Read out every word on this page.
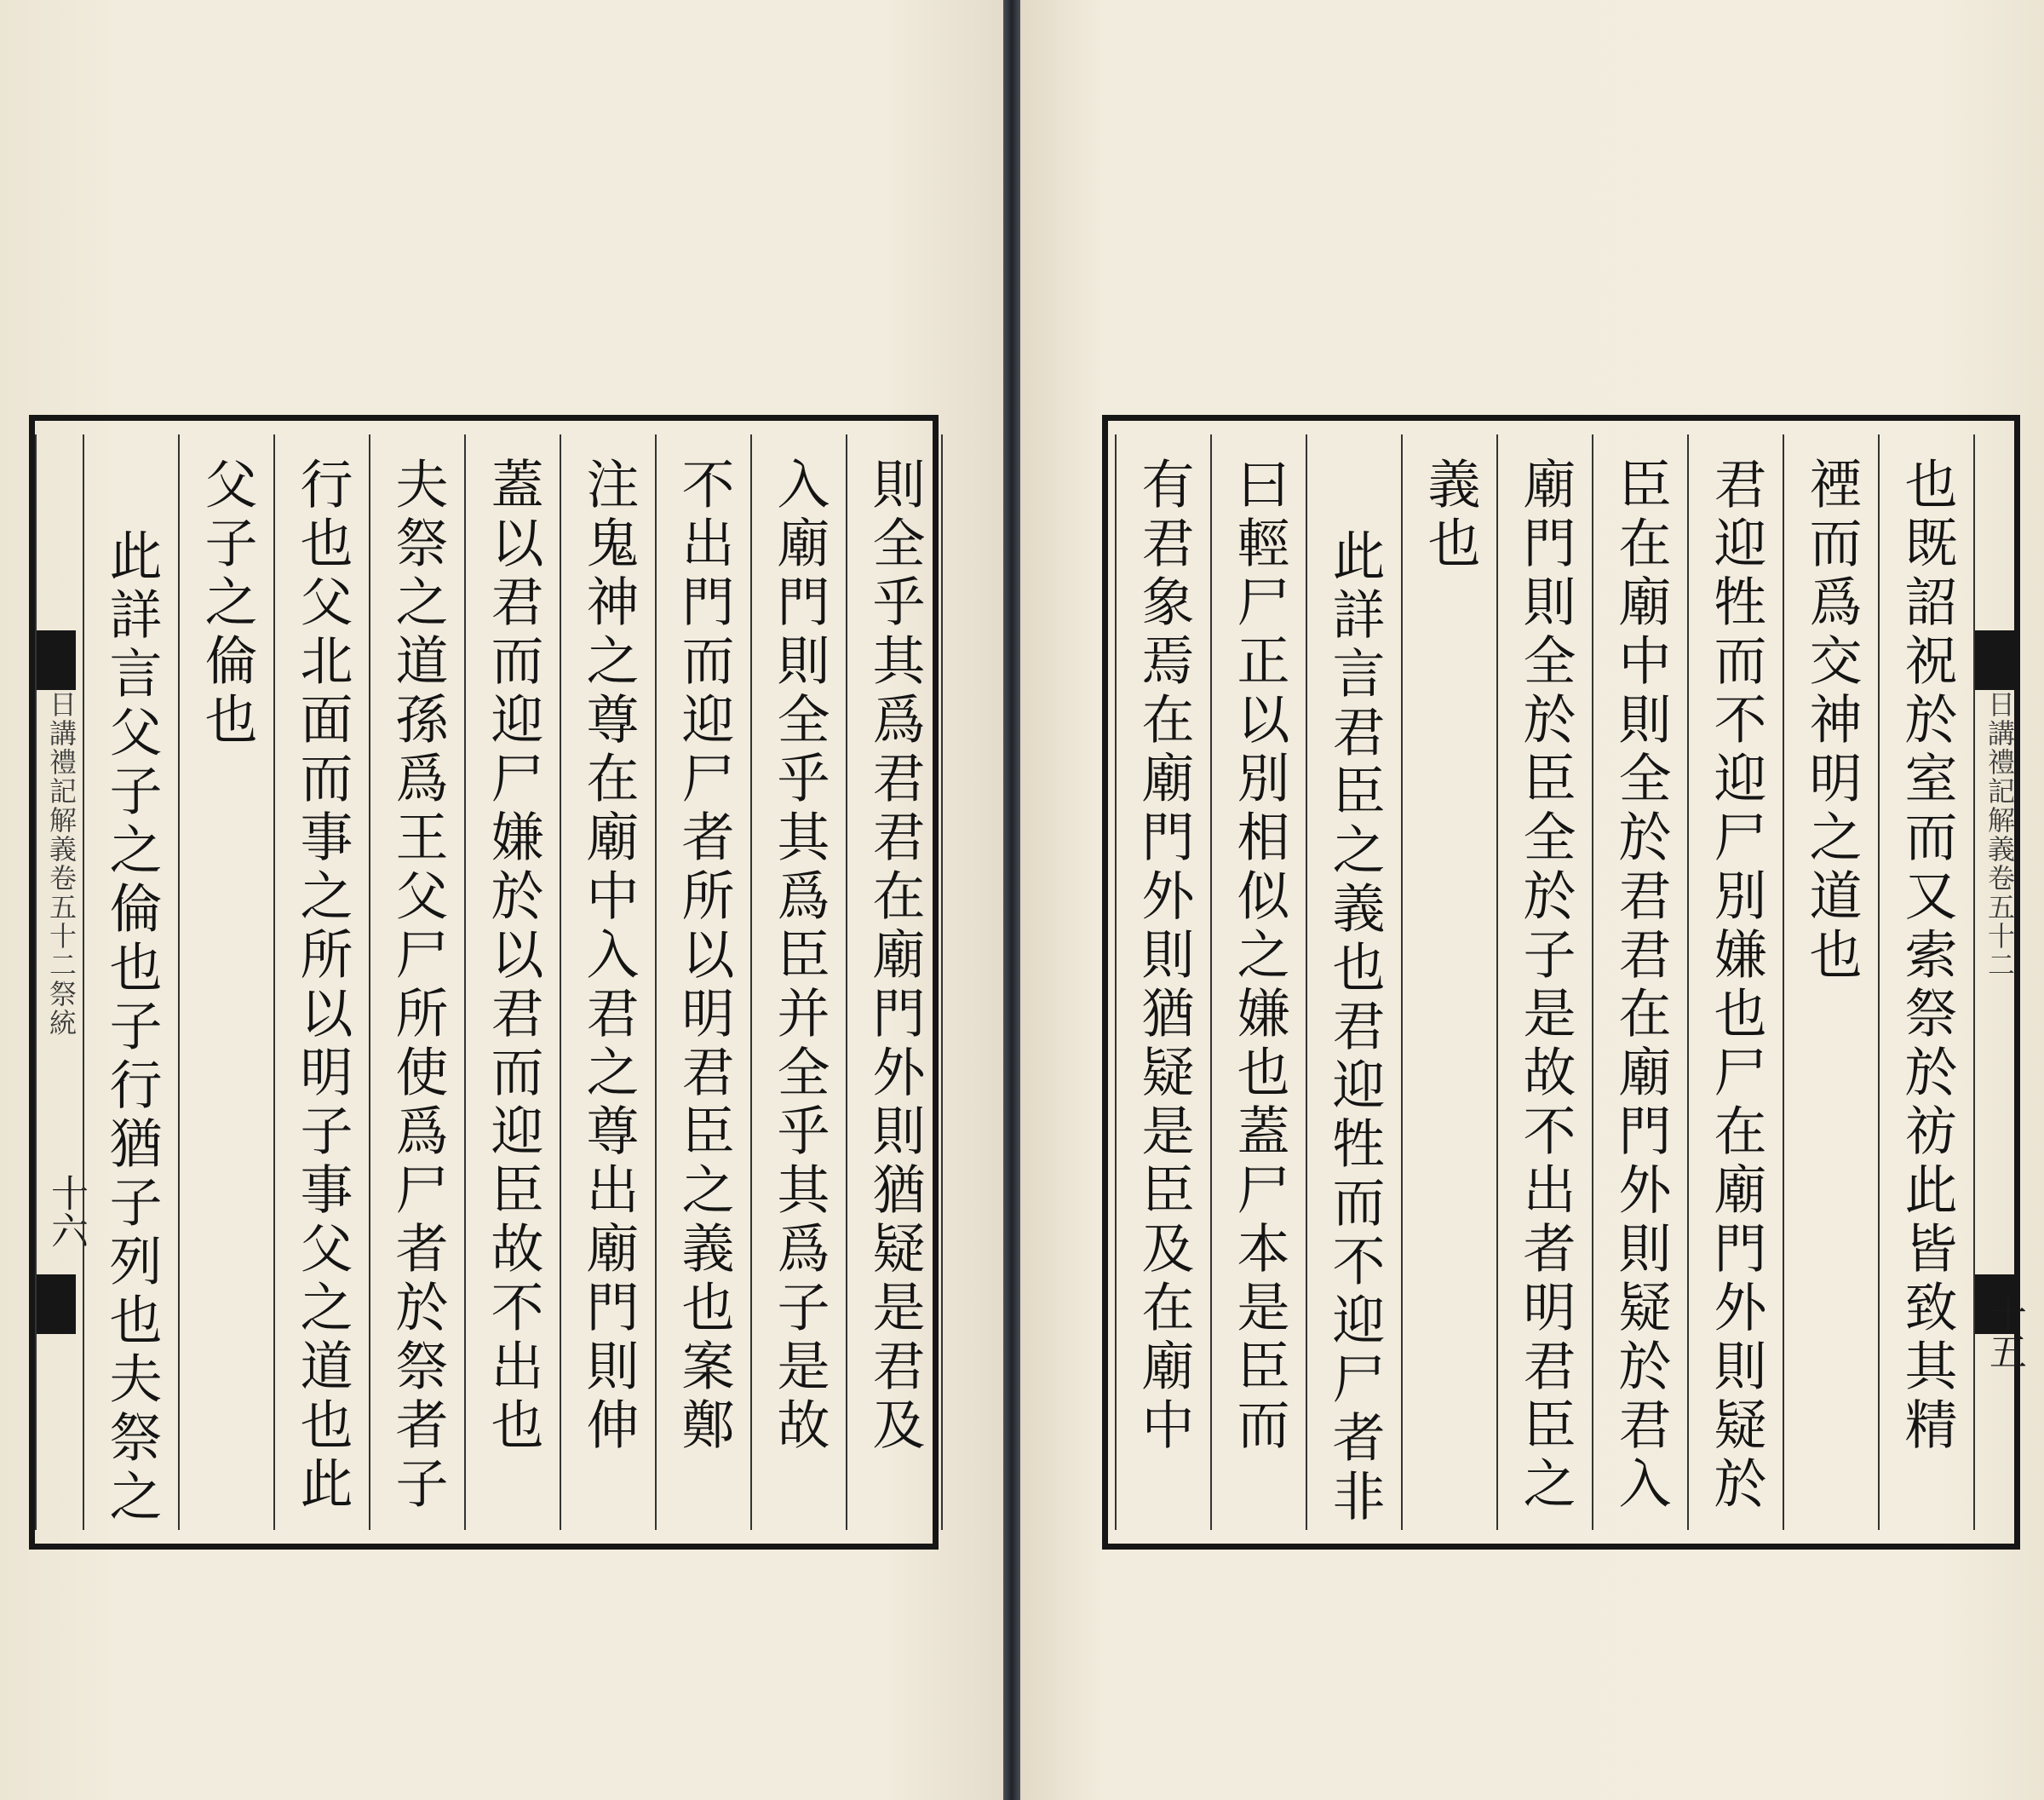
日講禮記解義卷五十二祭統
十六 此詳言父子之倫也子行猶子列也夫祭之 父子之倫也 行也父北面而事之所以明子事父之道也此 夫祭之道孫爲王父尸所使爲尸者於祭者子 蓋以君而迎尸嫌於以君而迎臣故不出也 注鬼神之尊在廟中入君之尊出廟門則伸 不出門而迎尸者所以明君臣之義也案鄭 入廟門則全乎其爲臣并全乎其爲子是故 則全乎其爲君君在廟門外則猶疑是君及	有君象焉在廟門外則猶疑是臣及在廟中 曰輕尸正以別相似之嫌也蓋尸本是臣而 此詳言君臣之義也君迎牲而不迎尸者非
義也 廟門則全於臣全於子是故不出者明君臣之 臣在廟中則全於君君在廟門外則疑於君入 君迎牲而不迎尸別嫌也尸在廟門外則疑於 禋而爲交神明之道也 也既詔祝於室而又索祭於祊此皆致其精 日講禮記解義卷五十二
十五
